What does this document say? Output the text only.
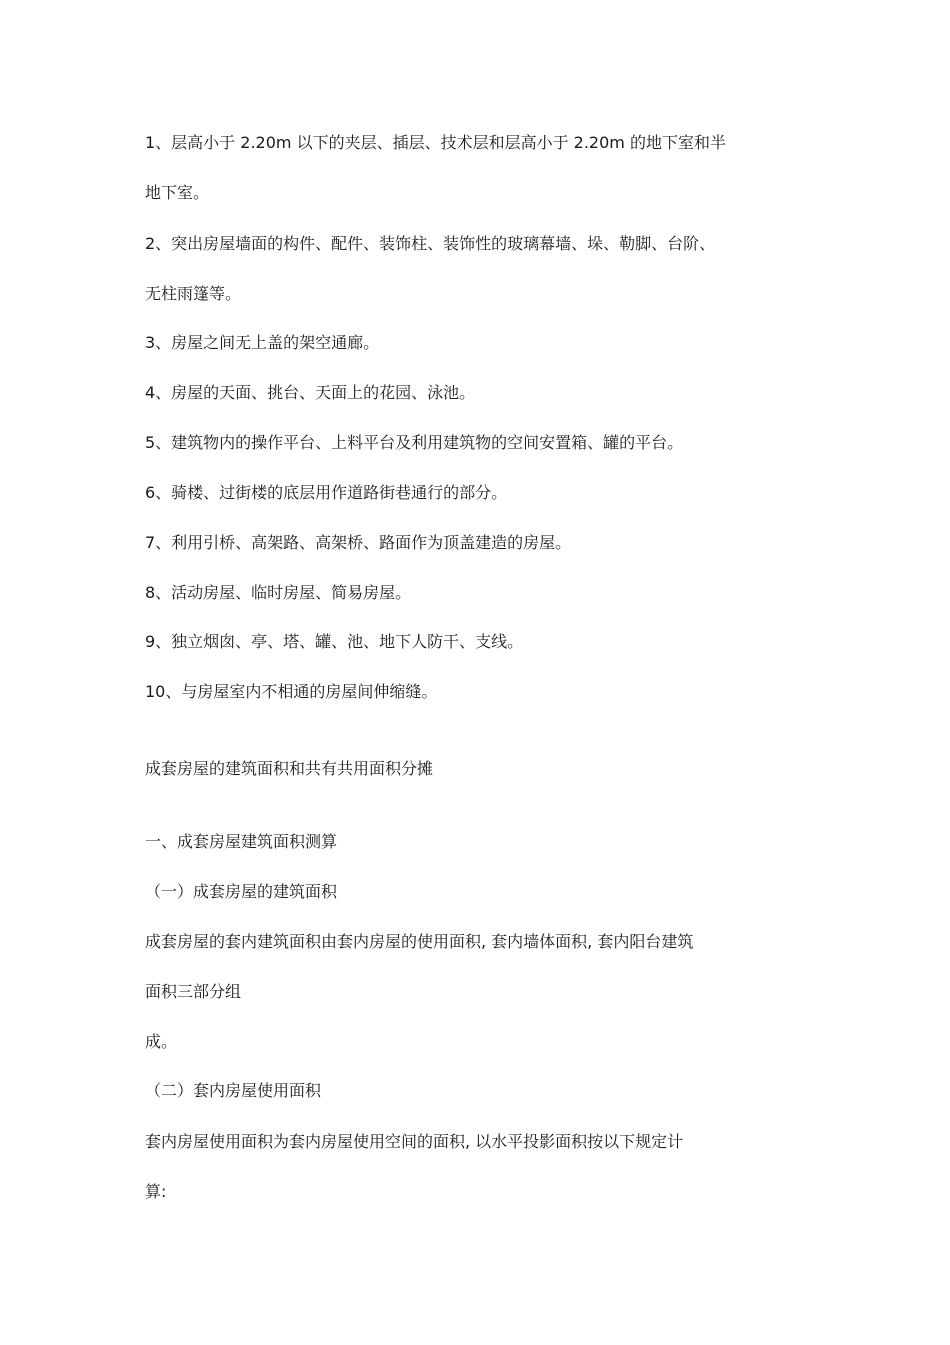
1、层高小于 2.20m 以下的夹层、插层、技术层和层高小于 2.20m 的地下室和半
地下室。
2、突出房屋墙面的构件、配件、装饰柱、装饰性的玻璃幕墙、垛、勒脚、台阶、
无柱雨篷等。
3、房屋之间无上盖的架空通廊。
4、房屋的天面、挑台、天面上的花园、泳池。
5、建筑物内的操作平台、上料平台及利用建筑物的空间安置箱、罐的平台。
6、骑楼、过街楼的底层用作道路街巷通行的部分。
7、利用引桥、高架路、高架桥、路面作为顶盖建造的房屋。
8、活动房屋、临时房屋、简易房屋。
9、独立烟囱、亭、塔、罐、池、地下人防干、支线。
10、与房屋室内不相通的房屋间伸缩缝。
成套房屋的建筑面积和共有共用面积分摊
一、成套房屋建筑面积测算
（一）成套房屋的建筑面积
成套房屋的套内建筑面积由套内房屋的使用面积, 套内墙体面积, 套内阳台建筑
面积三部分组
成。
（二）套内房屋使用面积
套内房屋使用面积为套内房屋使用空间的面积, 以水平投影面积按以下规定计
算:
